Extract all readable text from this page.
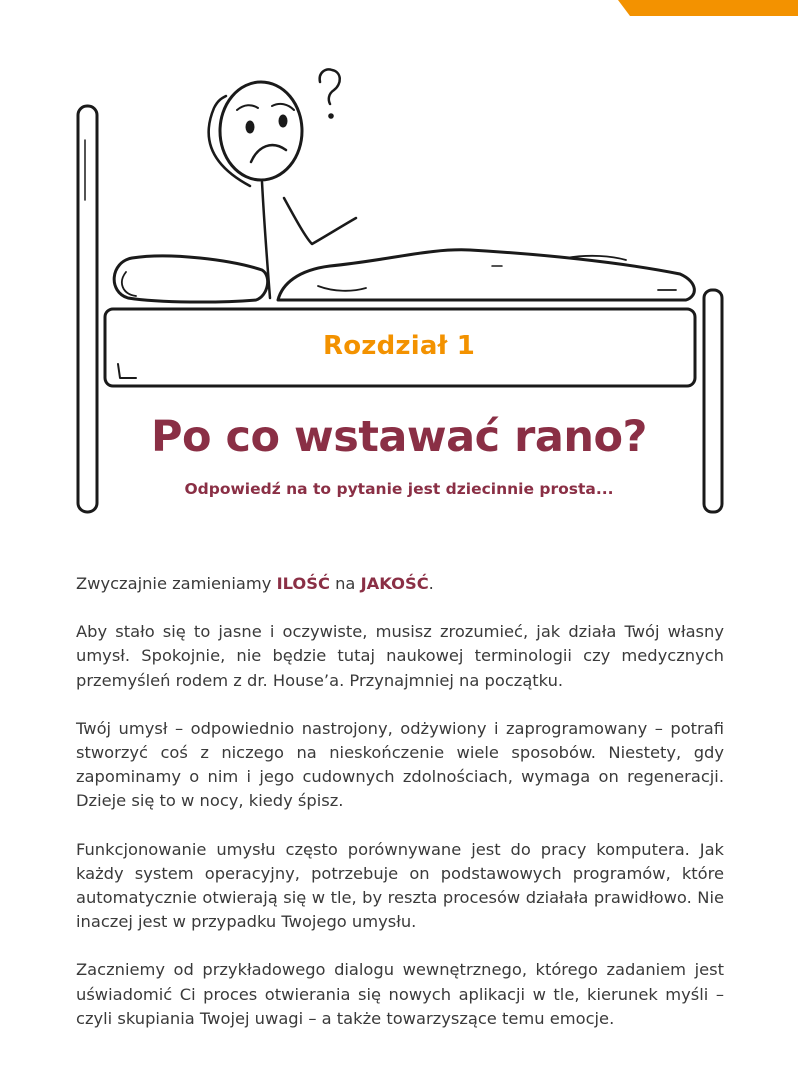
Rozdział 1
Po co wstawać rano?
Odpowiedź na to pytanie jest dziecinnie prosta...

Zwyczajnie zamieniamy ILOŚĆ na JAKOŚĆ.

Aby stało się to jasne i oczywiste, musisz zrozumieć, jak działa Twój własny umysł. Spokojnie, nie będzie tutaj naukowej terminologii czy medycznych przemyśleń rodem z dr. House’a. Przynajmniej na początku.

Twój umysł – odpowiednio nastrojony, odżywiony i zaprogramowany – potrafi stworzyć coś z niczego na nieskończenie wiele sposobów. Niestety, gdy zapominamy o nim i jego cudownych zdolnościach, wymaga on regeneracji. Dzieje się to w nocy, kiedy śpisz.

Funkcjonowanie umysłu często porównywane jest do pracy komputera. Jak każdy system operacyjny, potrzebuje on podstawowych programów, które automatycznie otwierają się w tle, by reszta procesów działała prawidłowo. Nie inaczej jest w przypadku Twojego umysłu.

Zaczniemy od przykładowego dialogu wewnętrznego, którego zadaniem jest uświadomić Ci proces otwierania się nowych aplikacji w tle, kierunek myśli – czyli skupiania Twojej uwagi – a także towarzyszące temu emocje.
